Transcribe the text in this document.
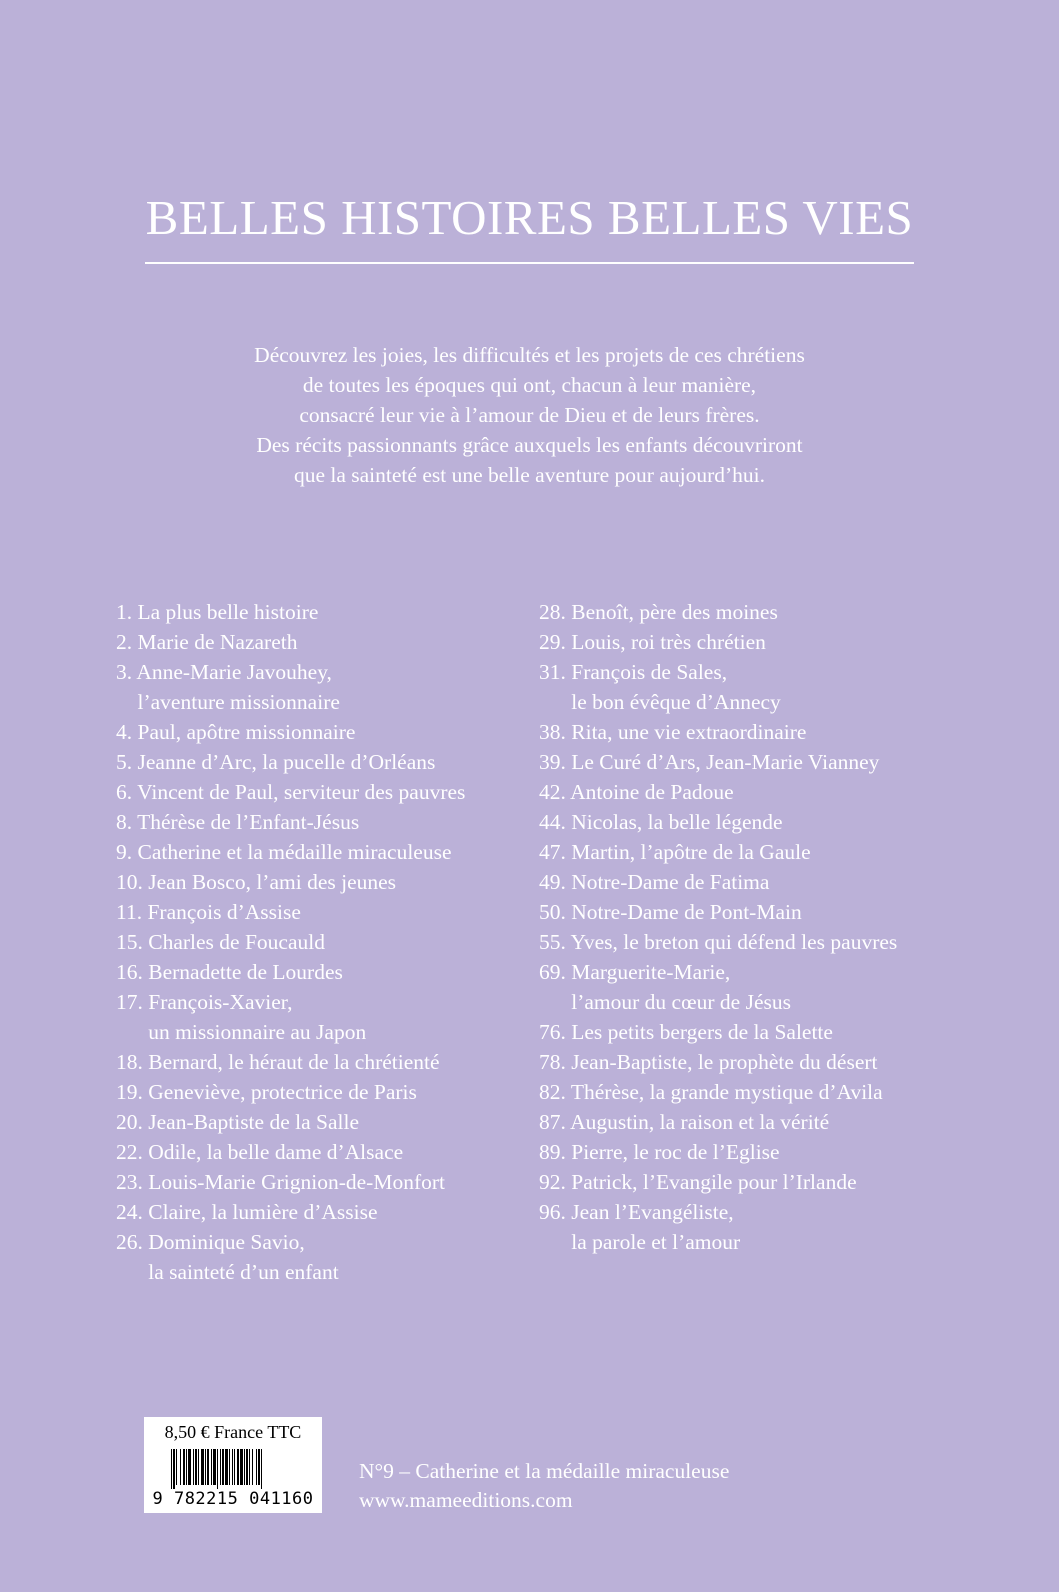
BELLES HISTOIRES BELLES VIES
Découvrez les joies, les difficultés et les projets de ces chrétiens
de toutes les époques qui ont, chacun à leur manière,
consacré leur vie à l’amour de Dieu et de leurs frères.
Des récits passionnants grâce auxquels les enfants découvriront
que la sainteté est une belle aventure pour aujourd’hui.
1. La plus belle histoire
2. Marie de Nazareth
3. Anne-Marie Javouhey,
l’aventure missionnaire
4. Paul, apôtre missionnaire
5. Jeanne d’Arc, la pucelle d’Orléans
6. Vincent de Paul, serviteur des pauvres
8. Thérèse de l’Enfant-Jésus
9. Catherine et la médaille miraculeuse
10. Jean Bosco, l’ami des jeunes
11. François d’Assise
15. Charles de Foucauld
16. Bernadette de Lourdes
17. François-Xavier,
un missionnaire au Japon
18. Bernard, le héraut de la chrétienté
19. Geneviève, protectrice de Paris
20. Jean-Baptiste de la Salle
22. Odile, la belle dame d’Alsace
23. Louis-Marie Grignion-de-Monfort
24. Claire, la lumière d’Assise
26. Dominique Savio,
la sainteté d’un enfant
28. Benoît, père des moines
29. Louis, roi très chrétien
31. François de Sales,
le bon évêque d’Annecy
38. Rita, une vie extraordinaire
39. Le Curé d’Ars, Jean-Marie Vianney
42. Antoine de Padoue
44. Nicolas, la belle légende
47. Martin, l’apôtre de la Gaule
49. Notre-Dame de Fatima
50. Notre-Dame de Pont-Main
55. Yves, le breton qui défend les pauvres
69. Marguerite-Marie,
l’amour du cœur de Jésus
76. Les petits bergers de la Salette
78. Jean-Baptiste, le prophète du désert
82. Thérèse, la grande mystique d’Avila
87. Augustin, la raison et la vérité
89. Pierre, le roc de l’Eglise
92. Patrick, l’Evangile pour l’Irlande
96. Jean l’Evangéliste,
la parole et l’amour
8,50 € France TTC
9 782215 041160
N°9 – Catherine et la médaille miraculeuse
www.mameeditions.com
